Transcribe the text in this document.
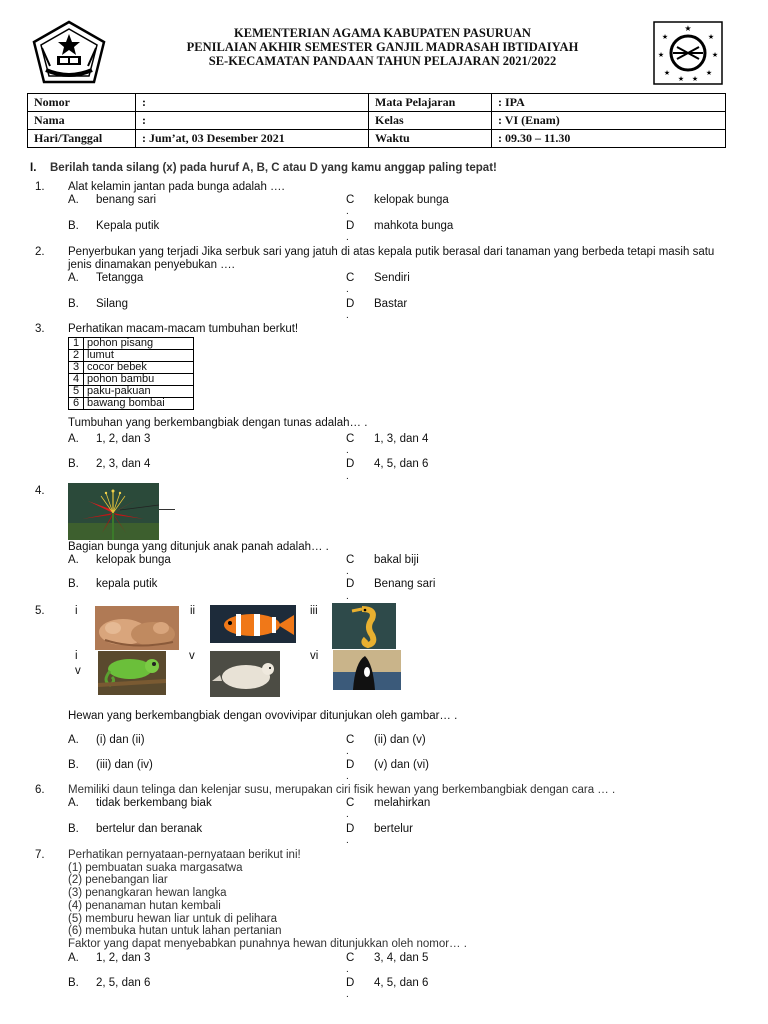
KEMENTERIAN AGAMA KABUPATEN PASURUAN
PENILAIAN AKHIR SEMESTER GANJIL MADRASAH IBTIDAIYAH
SE-KECAMATAN PANDAAN TAHUN PELAJARAN 2021/2022
★
★	★
★	★
★	★
★ ★
Nomor	:	Mata Pelajaran	: IPA
Nama	:	Kelas	: VI (Enam)
Hari/Tanggal	: Jum’at, 03 Desember 2021	Waktu	: 09.30 – 11.30
I. Berilah tanda silang (x) pada huruf A, B, C atau D yang kamu anggap paling tepat!
1. Alat kelamin jantan pada bunga adalah ….
A. benang sari	C kelopak bunga
.
B. Kepala putik	D mahkota bunga
.
2. Penyerbukan yang terjadi Jika serbuk sari yang jatuh di atas kepala putik berasal dari tanaman yang berbeda tetapi masih satu jenis dinamakan penyebukan ….
A. Tetangga	C Sendiri
.
B. Silang	D Bastar
.
3. Perhatikan macam-macam tumbuhan berkut!
1	pohon pisang
2	lumut
3	cocor bebek
4	pohon bambu
5	paku-pakuan
6	bawang bombai
Tumbuhan yang berkembangbiak dengan tunas adalah… .
A. 1, 2, dan 3	C 1, 3, dan 4
.
B. 2, 3, dan 4	D 4, 5, dan 6
.
4.
Bagian bunga yang ditunjuk anak panah adalah… .
A. kelopak bunga	C bakal biji
.
B. kepala putik	D Benang sari
.
5.	i	ii	iii
i
v
v	vi
Hewan yang berkembangbiak dengan ovovivipar ditunjukan oleh gambar… .
A. (i) dan (ii)	C (ii) dan (v)
.
B. (iii) dan (iv)	D (v) dan (vi)
.
6. Memiliki daun telinga dan kelenjar susu, merupakan ciri fisik hewan yang berkembangbiak dengan cara … .
A. tidak berkembang biak	C melahirkan
.
B. bertelur dan beranak	D bertelur
.
7. Perhatikan pernyataan-pernyataan berikut ini!
(1) pembuatan suaka margasatwa
(2) penebangan liar
(3) penangkaran hewan langka
(4) penanaman hutan kembali
(5) memburu hewan liar untuk di pelihara
(6) membuka hutan untuk lahan pertanian
Faktor yang dapat menyebabkan punahnya hewan ditunjukkan oleh nomor… .
A. 1, 2, dan 3	C 3, 4, dan 5
.
B. 2, 5, dan 6	D 4, 5, dan 6
.
